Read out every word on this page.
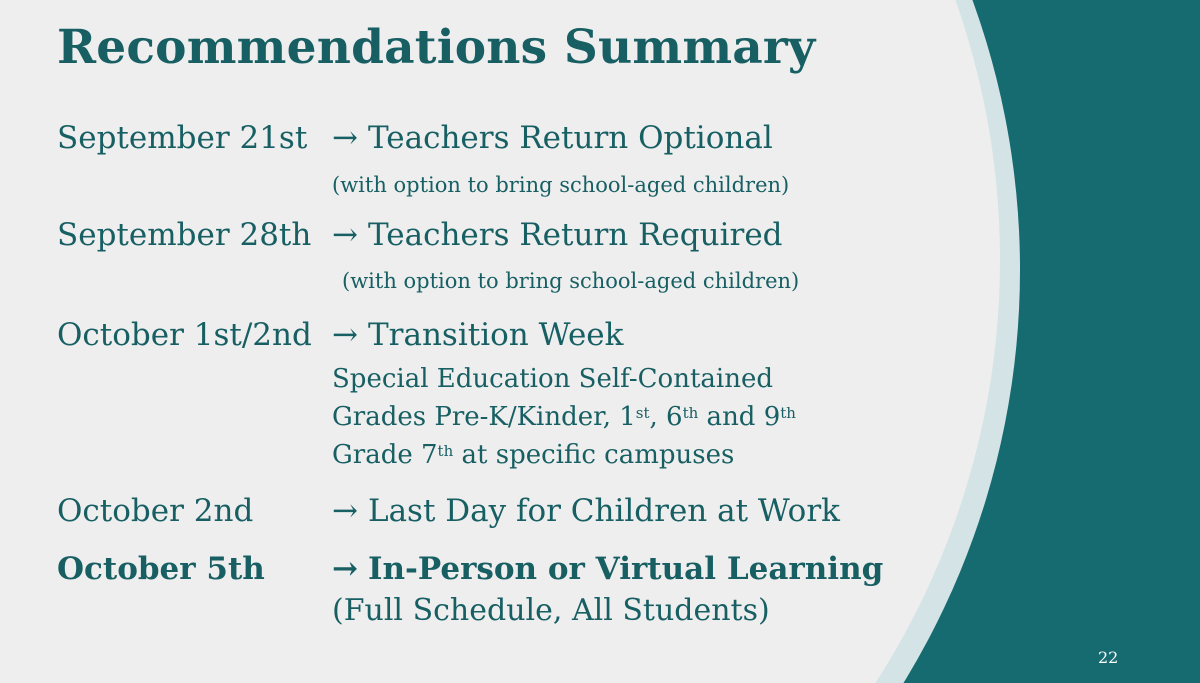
Recommendations Summary
September 21st → Teachers Return Optional
(with option to bring school-aged children)
September 28th → Teachers Return Required
(with option to bring school-aged children)
October 1st/2nd → Transition Week
Special Education Self-Contained
Grades Pre-K/Kinder, 1st, 6th and 9th
Grade 7th at specific campuses
October 2nd	→ Last Day for Children at Work
October 5th → In-Person or Virtual Learning
(Full Schedule, All Students)
22
